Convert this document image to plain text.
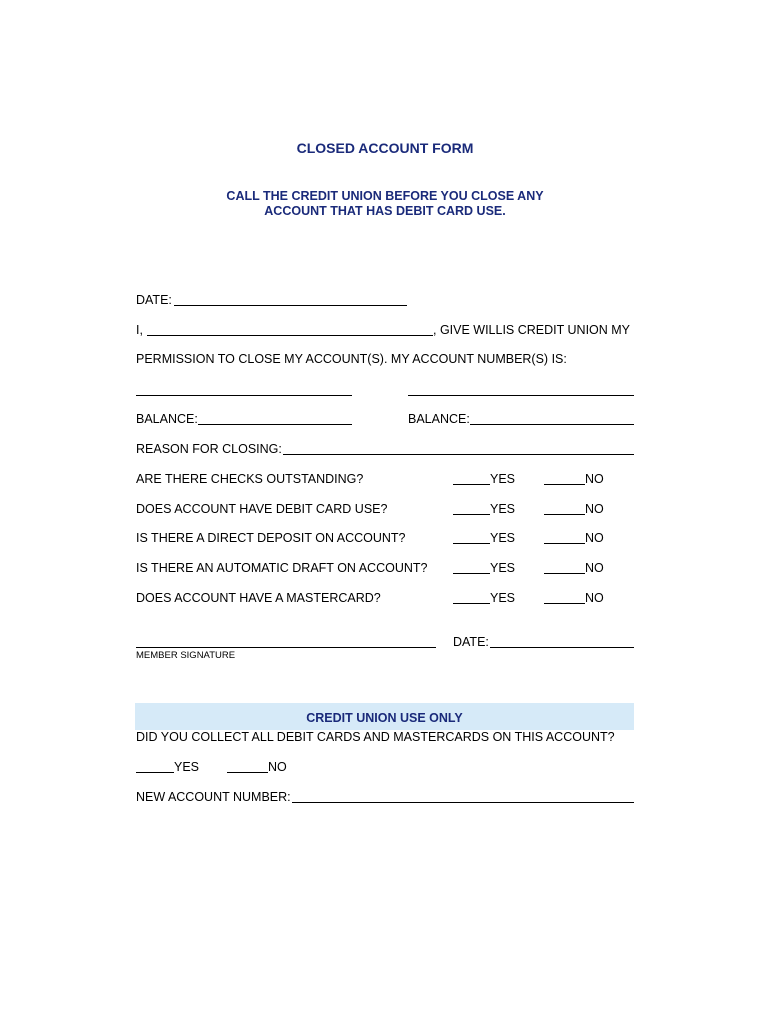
CLOSED ACCOUNT FORM
CALL THE CREDIT UNION BEFORE YOU CLOSE ANY
ACCOUNT THAT HAS DEBIT CARD USE.
DATE:
I,	, GIVE WILLIS CREDIT UNION MY
PERMISSION TO CLOSE MY ACCOUNT(S). MY ACCOUNT NUMBER(S) IS:
BALANCE:	BALANCE:
REASON FOR CLOSING:
ARE THERE CHECKS OUTSTANDING?	YES	NO
DOES ACCOUNT HAVE DEBIT CARD USE?	YES	NO
IS THERE A DIRECT DEPOSIT ON ACCOUNT?	YES	NO
IS THERE AN AUTOMATIC DRAFT ON ACCOUNT?	YES	NO
DOES ACCOUNT HAVE A MASTERCARD?	YES	NO
MEMBER SIGNATURE
DATE:
CREDIT UNION USE ONLY
DID YOU COLLECT ALL DEBIT CARDS AND MASTERCARDS ON THIS ACCOUNT?
YES	NO
NEW ACCOUNT NUMBER:
